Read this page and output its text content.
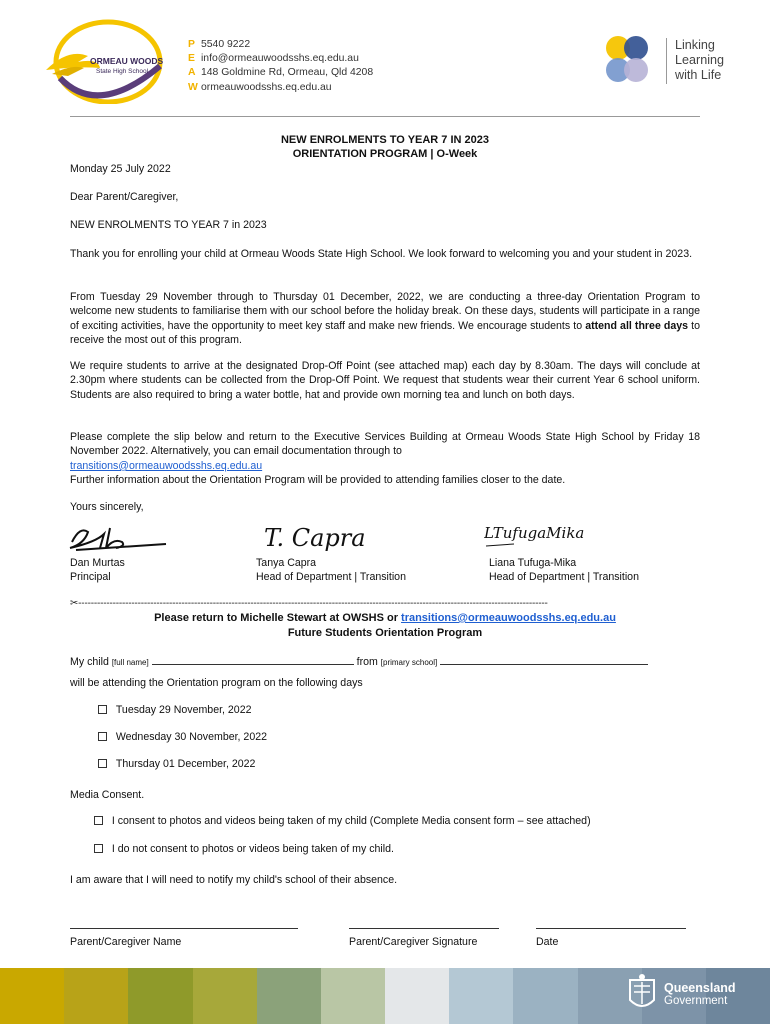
ORMEAU WOODS
State High School
P 5540 9222
E info@ormeauwoodsshs.eq.edu.au
A 148 Goldmine Rd, Ormeau, Qld 4208
W ormeauwoodsshs.eq.edu.au
Linking
Learning
with Life
NEW ENROLMENTS TO YEAR 7 IN 2023
ORIENTATION PROGRAM | O-Week
Monday 25 July 2022
Dear Parent/Caregiver,
NEW ENROLMENTS TO YEAR 7 in 2023
Thank you for enrolling your child at Ormeau Woods State High School. We look forward to welcoming you and your student in 2023.
From Tuesday 29 November through to Thursday 01 December, 2022, we are conducting a three-day Orientation Program to welcome new students to familiarise them with our school before the holiday break. On these days, students will participate in a range of exciting activities, have the opportunity to meet key staff and make new friends. We encourage students to attend all three days to receive the most out of this program.
We require students to arrive at the designated Drop-Off Point (see attached map) each day by 8.30am. The days will conclude at 2.30pm where students can be collected from the Drop-Off Point. We request that students wear their current Year 6 school uniform. Students are also required to bring a water bottle, hat and provide own morning tea and lunch on both days.
Please complete the slip below and return to the Executive Services Building at Ormeau Woods State High School by Friday 18 November 2022. Alternatively, you can email documentation through to
transitions@ormeauwoodsshs.eq.edu.au
Further information about the Orientation Program will be provided to attending families closer to the date.
Yours sincerely,
T. Capra	LTufugaMika
Dan Murtas
Principal
Tanya Capra
Head of Department | Transition
Liana Tufuga-Mika
Head of Department | Transition
✂------------------------------------------------------------------------------------------------------------------------------------------------------
Please return to Michelle Stewart at OWSHS or transitions@ormeauwoodsshs.eq.edu.au
Future Students Orientation Program
My child [full name]	from [primary school]
will be attending the Orientation program on the following days
Tuesday 29 November, 2022
Wednesday 30 November, 2022
Thursday 01 December, 2022
Media Consent.
I consent to photos and videos being taken of my child (Complete Media consent form – see attached)
I do not consent to photos or videos being taken of my child.
I am aware that I will need to notify my child's school of their absence.
Parent/Caregiver Name	Parent/Caregiver Signature	Date
Queensland
Government
